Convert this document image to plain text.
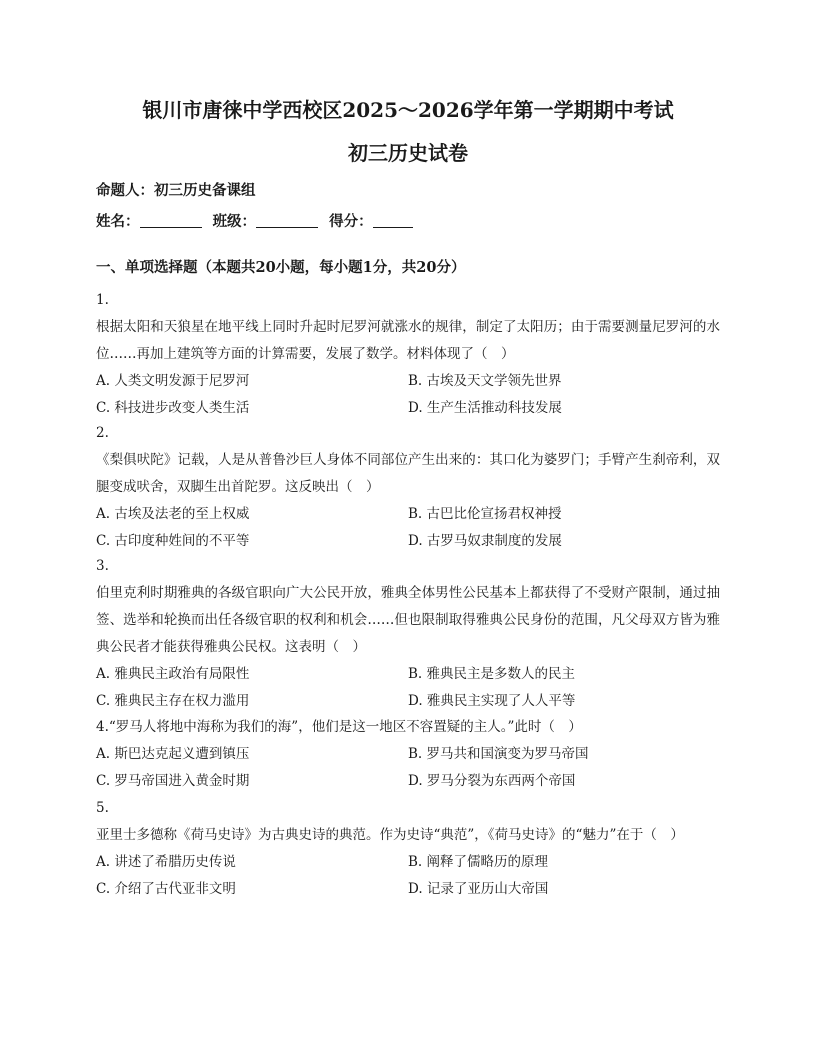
银川市唐徕中学西校区2025～2026学年第一学期期中考试
初三历史试卷
命题人：初三历史备课组
姓名：	班级：	得分：
一、单项选择题（本题共20小题，每小题1分，共20分）

1.

根据太阳和天狼星在地平线上同时升起时尼罗河就涨水的规律，制定了太阳历；由于需要测量尼罗河的水位……再加上建筑等方面的计算需要，发展了数学。材料体现了（　）

A. 人类文明发源于尼罗河	B. 古埃及天文学领先世界
C. 科技进步改变人类生活	D. 生产生活推动科技发展

2.

《梨俱吠陀》记载，人是从普鲁沙巨人身体不同部位产生出来的：其口化为婆罗门；手臂产生刹帝利，双腿变成吠舍，双脚生出首陀罗。这反映出（　）

A. 古埃及法老的至上权威	B. 古巴比伦宣扬君权神授
C. 古印度种姓间的不平等	D. 古罗马奴隶制度的发展

3.

伯里克利时期雅典的各级官职向广大公民开放，雅典全体男性公民基本上都获得了不受财产限制，通过抽签、选举和轮换而出任各级官职的权利和机会……但也限制取得雅典公民身份的范围，凡父母双方皆为雅典公民者才能获得雅典公民权。这表明（　）

A. 雅典民主政治有局限性	B. 雅典民主是多数人的民主
C. 雅典民主存在权力滥用	D. 雅典民主实现了人人平等

4.“罗马人将地中海称为我们的海”，他们是这一地区不容置疑的主人。”此时（　）

A. 斯巴达克起义遭到镇压	B. 罗马共和国演变为罗马帝国
C. 罗马帝国进入黄金时期	D. 罗马分裂为东西两个帝国

5.

亚里士多德称《荷马史诗》为古典史诗的典范。作为史诗“典范”，《荷马史诗》的“魅力”在于（　）

A. 讲述了希腊历史传说	B. 阐释了儒略历的原理
C. 介绍了古代亚非文明	D. 记录了亚历山大帝国
